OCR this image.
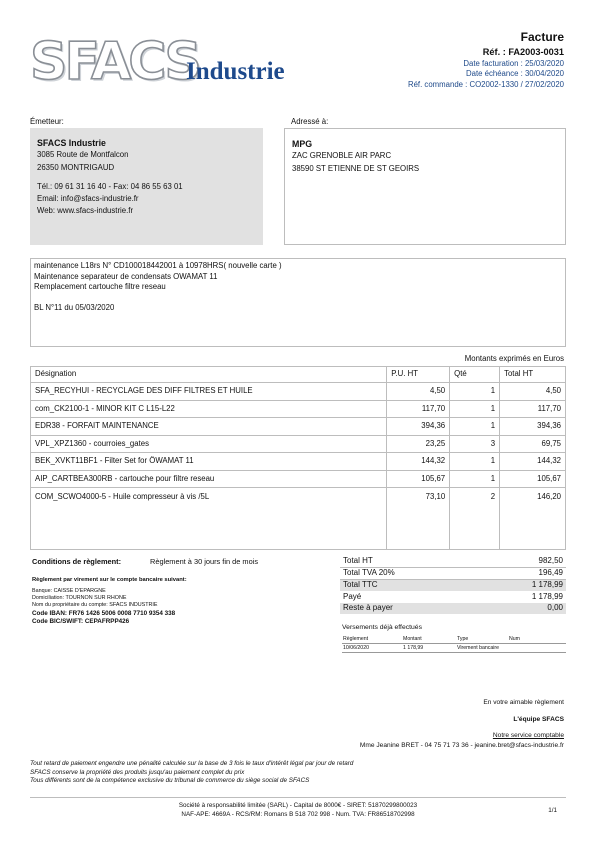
SFACS
Industrie
Facture
Réf. : FA2003-0031
Date facturation : 25/03/2020
Date échéance : 30/04/2020
Réf. commande : CO2002-1330 / 27/02/2020
Émetteur:	Adressé à:
SFACS Industrie
3085 Route de Montfalcon
26350 MONTRIGAUD
Tél.: 09 61 31 16 40 - Fax: 04 86 55 63 01
Email: info@sfacs-industrie.fr
Web: www.sfacs-industrie.fr
MPG
ZAC GRENOBLE AIR PARC
38590 ST ETIENNE DE ST GEOIRS
maintenance L18rs N° CD100018442001 à 10978HRS( nouvelle carte )
Maintenance separateur de condensats OWAMAT 11
Remplacement cartouche filtre reseau
BL N°11 du 05/03/2020
Montants exprimés en Euros
Désignation	P.U. HT	Qté	Total HT
SFA_RECYHUI - RECYCLAGE DES DIFF FILTRES ET HUILE	4,50	1	4,50
com_CK2100-1 - MINOR KIT C L15-L22	117,70	1	117,70
EDR38 - FORFAIT MAINTENANCE	394,36	1	394,36
VPL_XPZ1360 - courroies_gates	23,25	3	69,75
BEK_XVKT11BF1 - Filter Set for ÖWAMAT 11	144,32	1	144,32
AIP_CARTBEA300RB - cartouche pour filtre reseau	105,67	1	105,67
COM_SCWO4000-5 - Huile compresseur à vis /5L	73,10	2	146,20
Conditions de règlement:	Règlement à 30 jours fin de mois
Règlement par virement sur le compte bancaire suivant:
Banque: CAISSE D'EPARGNE
Domiciliation: TOURNON SUR RHONE
Nom du propriétaire du compte: SFACS INDUSTRIE
Code IBAN: FR76 1426 5006 0008 7710 9354 338
Code BIC/SWIFT: CEPAFRPP426
Total HT	982,50
Total TVA 20%	196,49
Total TTC	1 178,99
Payé	1 178,99
Reste à payer	0,00
Versements déjà effectués
Règlement	Montant	Type	Num
10/06/2020	1 178,99	Virement bancaire	
En votre aimable règlement
L'équipe SFACS
Notre service comptable
Mme Jeanine BRET - 04 75 71 73 36 - jeanine.bret@sfacs-industrie.fr
Tout retard de paiement engendre une pénalité calculée sur la base de 3 fois le taux d'intérêt légal par jour de retard
SFACS conserve la propriété des produits jusqu'au paiement complet du prix
Tous différents sont de la compétence exclusive du tribunal de commerce du siège social de SFACS
Société à responsabilité limitée (SARL) - Capital de 8000€ - SIRET: 51870299800023
NAF-APE: 4669A - RCS/RM: Romans B 518 702 998 - Num. TVA: FR86518702998
1/1
